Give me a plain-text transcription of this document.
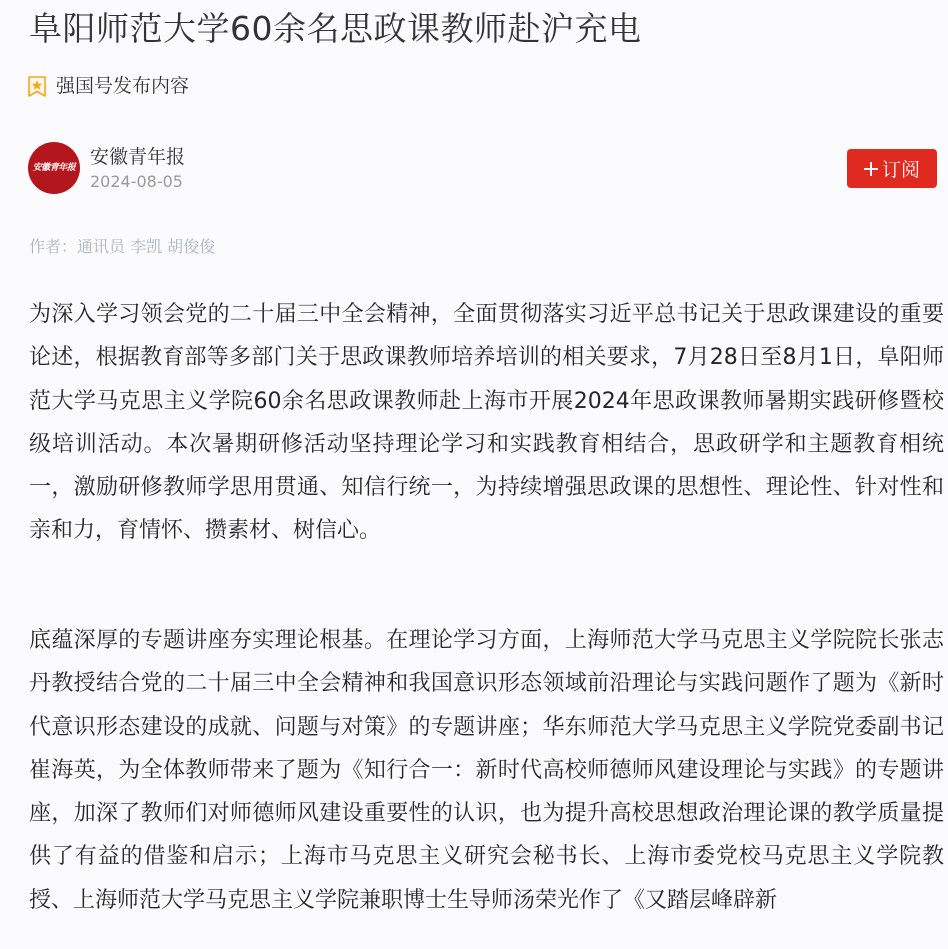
阜阳师范大学60余名思政课教师赴沪充电
强国号发布内容
安徽青年报 安徽青年报
2024-08-05
订阅
作者：通讯员 李凯 胡俊俊

为深入学习领会党的二十届三中全会精神，全面贯彻落实习近平总书记关于思政课建设的重要论述，根据教育部等多部门关于思政课教师培养培训的相关要求，7月28日至8月1日，阜阳师范大学马克思主义学院60余名思政课教师赴上海市开展2024年思政课教师暑期实践研修暨校级培训活动。本次暑期研修活动坚持理论学习和实践教育相结合，思政研学和主题教育相统一，激励研修教师学思用贯通、知信行统一，为持续增强思政课的思想性、理论性、针对性和亲和力，育情怀、攒素材、树信心。

底蕴深厚的专题讲座夯实理论根基。在理论学习方面，上海师范大学马克思主义学院院长张志丹教授结合党的二十届三中全会精神和我国意识形态领域前沿理论与实践问题作了题为《新时代意识形态建设的成就、问题与对策》的专题讲座；华东师范大学马克思主义学院党委副书记崔海英，为全体教师带来了题为《知行合一：新时代高校师德师风建设理论与实践》的专题讲座，加深了教师们对师德师风建设重要性的认识，也为提升高校思想政治理论课的教学质量提供了有益的借鉴和启示；上海市马克思主义研究会秘书长、上海市委党校马克思主义学院教授、上海师范大学马克思主义学院兼职博士生导师汤荣光作了《又踏层峰辟新
